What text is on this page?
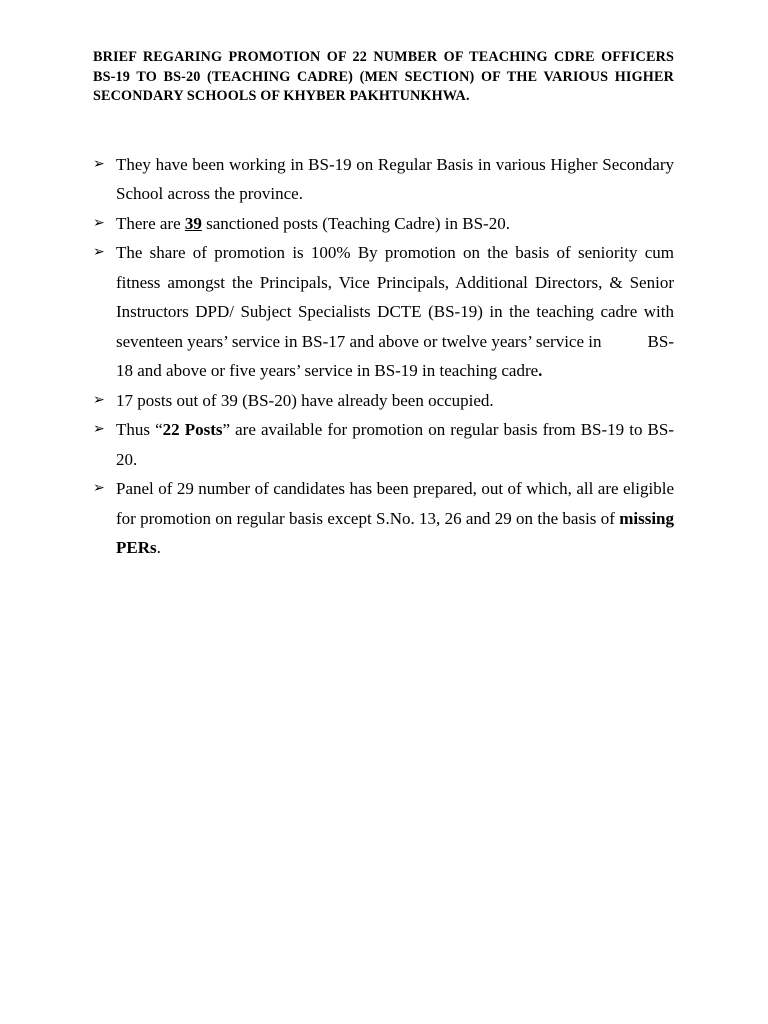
BRIEF REGARING PROMOTION OF 22 NUMBER OF TEACHING CDRE OFFICERS BS-19 TO BS-20 (TEACHING CADRE) (MEN SECTION) OF THE VARIOUS HIGHER SECONDARY SCHOOLS OF KHYBER PAKHTUNKHWA.

➢ They have been working in BS-19 on Regular Basis in various Higher Secondary School across the province.
➢ There are 39 sanctioned posts (Teaching Cadre) in BS-20.
➢ The share of promotion is 100% By promotion on the basis of seniority cum fitness amongst the Principals, Vice Principals, Additional Directors, & Senior Instructors DPD/ Subject Specialists DCTE (BS-19) in the teaching cadre with seventeen years’ service in BS-17 and above or twelve years’ service in	BS-18 and above or five years’ service in BS-19 in teaching cadre.
➢ 17 posts out of 39 (BS-20) have already been occupied.
➢ Thus “22 Posts” are available for promotion on regular basis from BS-19 to BS-20.
➢ Panel of 29 number of candidates has been prepared, out of which, all are eligible for promotion on regular basis except S.No. 13, 26 and 29 on the basis of missing PERs.
